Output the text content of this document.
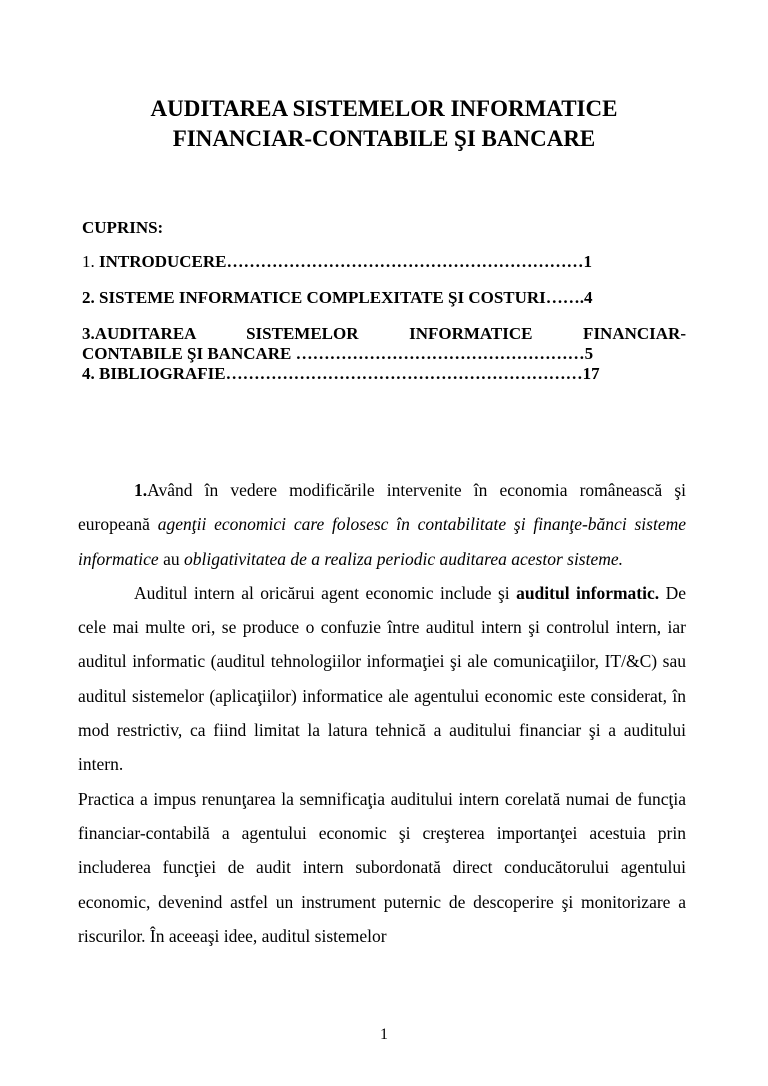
AUDITAREA SISTEMELOR INFORMATICE
FINANCIAR-CONTABILE ŞI BANCARE
CUPRINS:
1. INTRODUCERE………………………………………………………1
2. SISTEME INFORMATICE COMPLEXITATE ŞI COSTURI…….4
3.AUDITAREA SISTEMELOR INFORMATICE FINANCIAR-
CONTABILE ŞI BANCARE ……………………………………………5
4. BIBLIOGRAFIE………………………………………………………17

1.Având în vedere modificările intervenite în economia românească şi europeană agenţii economici care folosesc în contabilitate şi finanţe-bănci sisteme informatice au obligativitatea de a realiza periodic auditarea acestor sisteme.

Auditul intern al oricărui agent economic include şi auditul informatic. De cele mai multe ori, se produce o confuzie între auditul intern şi controlul intern, iar auditul informatic (auditul tehnologiilor informaţiei şi ale comunicaţiilor, IT/&C) sau auditul sistemelor (aplicaţiilor) informatice ale agentului economic este considerat, în mod restrictiv, ca fiind limitat la latura tehnică a auditului financiar şi a auditului intern.

Practica a impus renunţarea la semnificaţia auditului intern corelată numai de funcţia financiar-contabilă a agentului economic şi creşterea importanţei acestuia prin includerea funcţiei de audit intern subordonată direct conducătorului agentului economic, devenind astfel un instrument puternic de descoperire şi monitorizare a riscurilor. În aceeaşi idee, auditul sistemelor

1
